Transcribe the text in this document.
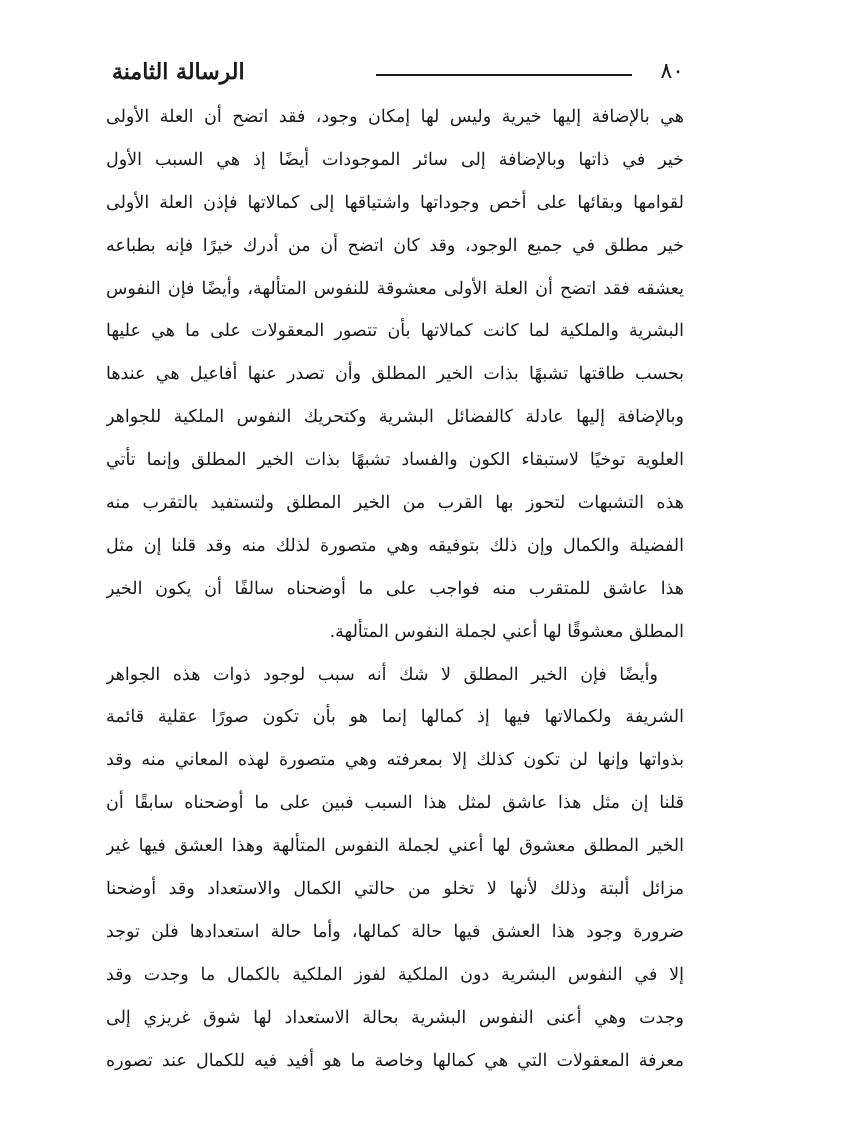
٨٠
الرسالة الثامنة
هي بالإضافة إليها خيرية وليس لها إمكان وجود، فقد اتضح أن العلة الأولى
خير في ذاتها وبالإضافة إلى سائر الموجودات أيضًا إذ هي السبب الأول
لقوامها وبقائها على أخص وجوداتها واشتياقها إلى كمالاتها فإذن العلة الأولى
خير مطلق في جميع الوجود، وقد كان اتضح أن من أدرك خيرًا فإنه بطباعه
يعشقه فقد اتضح أن العلة الأولى معشوقة للنفوس المتألهة، وأيضًا فإن النفوس
البشرية والملكية لما كانت كمالاتها بأن تتصور المعقولات على ما هي عليها
بحسب طاقتها تشبهًا بذات الخير المطلق وأن تصدر عنها أفاعيل هي عندها
وبالإضافة إليها عادلة كالفضائل البشرية وكتحريك النفوس الملكية للجواهر
العلوية توخيًا لاستبقاء الكون والفساد تشبهًا بذات الخير المطلق وإنما تأتي
هذه التشبهات لتحوز بها القرب من الخير المطلق ولتستفيد بالتقرب منه
الفضيلة والكمال وإن ذلك بتوفيقه وهي متصورة لذلك منه وقد قلنا إن مثل
هذا عاشق للمتقرب منه فواجب على ما أوضحناه سالفًا أن يكون الخير
المطلق معشوقًا لها أعني لجملة النفوس المتألهة.
وأيضًا فإن الخير المطلق لا شك أنه سبب لوجود ذوات هذه الجواهر
الشريفة ولكمالاتها فيها إذ كمالها إنما هو بأن تكون صورًا عقلية قائمة
بذواتها وإنها لن تكون كذلك إلا بمعرفته وهي متصورة لهذه المعاني منه وقد
قلنا إن مثل هذا عاشق لمثل هذا السبب فبين على ما أوضحناه سابقًا أن
الخير المطلق معشوق لها أعني لجملة النفوس المتألهة وهذا العشق فيها غير
مزائل ألبتة وذلك لأنها لا تخلو من حالتي الكمال والاستعداد وقد أوضحنا
ضرورة وجود هذا العشق فيها حالة كمالها، وأما حالة استعدادها فلن توجد
إلا في النفوس البشرية دون الملكية لفوز الملكية بالكمال ما وجدت وقد
وجدت وهي أعنى النفوس البشرية بحالة الاستعداد لها شوق غريزي إلى
معرفة المعقولات التي هي كمالها وخاصة ما هو أفيد فيه للكمال عند تصوره
